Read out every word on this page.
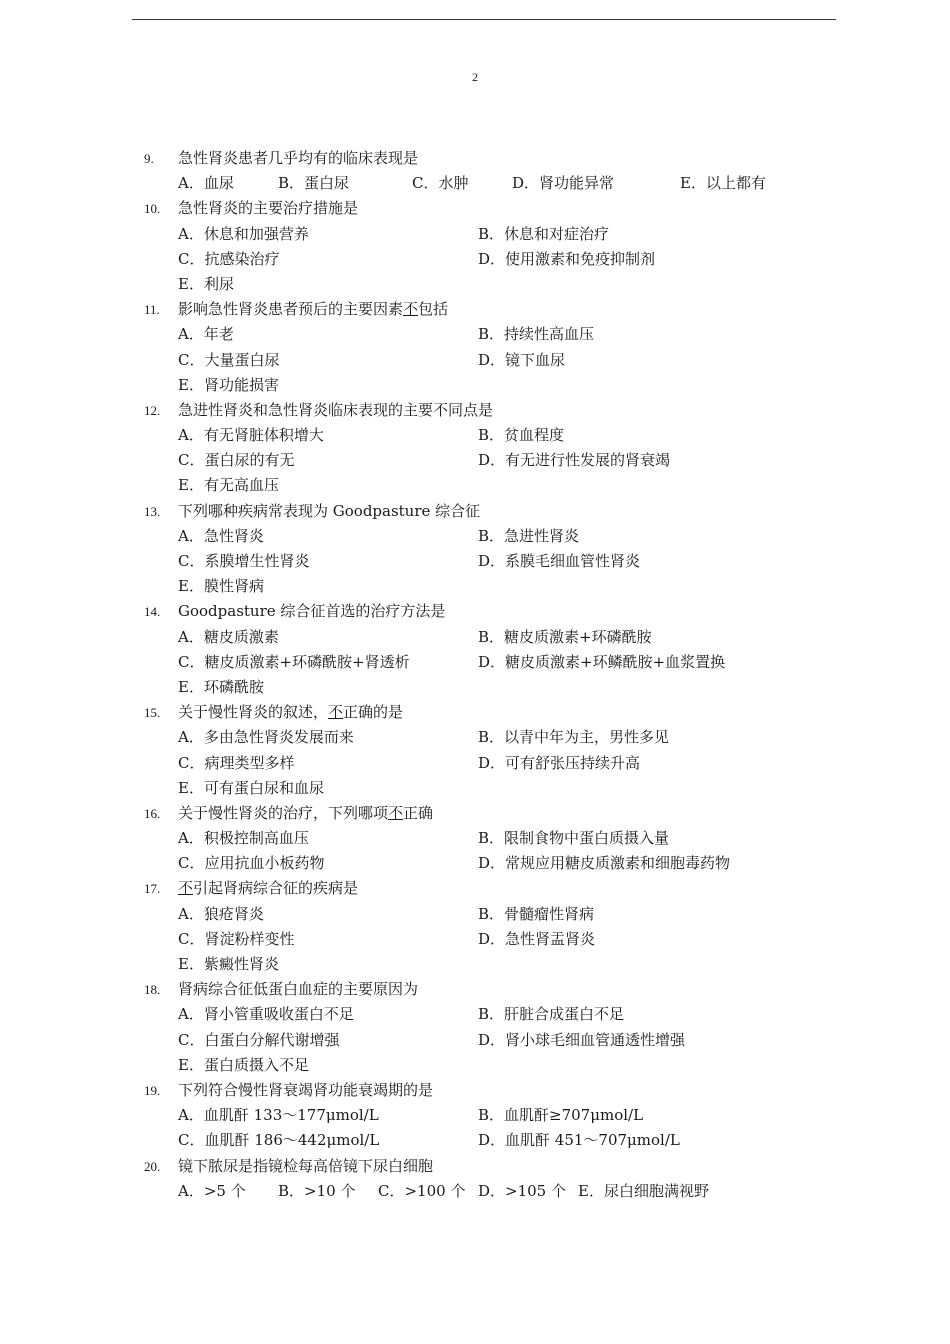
2
9. 急性肾炎患者几乎均有的临床表现是
A．血尿	B．蛋白尿	C．水肿	D．肾功能异常	E．以上都有
10. 急性肾炎的主要治疗措施是
A．休息和加强营养	B．休息和对症治疗
C．抗感染治疗	D．使用激素和免疫抑制剂
E．利尿
11. 影响急性肾炎患者预后的主要因素不包括
A．年老	B．持续性高血压
C．大量蛋白尿	D．镜下血尿
E．肾功能损害
12. 急进性肾炎和急性肾炎临床表现的主要不同点是
A．有无肾脏体积增大	B．贫血程度
C．蛋白尿的有无	D．有无进行性发展的肾衰竭
E．有无高血压
13. 下列哪种疾病常表现为 Goodpasture 综合征
A．急性肾炎	B．急进性肾炎
C．系膜增生性肾炎	D．系膜毛细血管性肾炎
E．膜性肾病
14. Goodpasture 综合征首选的治疗方法是
A．糖皮质激素	B．糖皮质激素+环磷酰胺
C．糖皮质激素+环磷酰胺+肾透析	D．糖皮质激素+环鳞酰胺+血浆置换
E．环磷酰胺
15. 关于慢性肾炎的叙述，不正确的是
A．多由急性肾炎发展而来	B．以青中年为主，男性多见
C．病理类型多样	D．可有舒张压持续升高
E．可有蛋白尿和血尿
16. 关于慢性肾炎的治疗，下列哪项不正确
A．积极控制高血压	B．限制食物中蛋白质摄入量
C．应用抗血小板药物	D．常规应用糖皮质激素和细胞毒药物
17. 不引起肾病综合征的疾病是
A．狼疮肾炎	B．骨髓瘤性肾病
C．肾淀粉样变性	D．急性肾盂肾炎
E．紫癜性肾炎
18. 肾病综合征低蛋白血症的主要原因为
A．肾小管重吸收蛋白不足	B．肝脏合成蛋白不足
C．白蛋白分解代谢增强	D．肾小球毛细血管通透性增强
E．蛋白质摄入不足
19. 下列符合慢性肾衰竭肾功能衰竭期的是
A．血肌酐 133～177μmol/L	B．血肌酐≥707μmol/L
C．血肌酐 186～442μmol/L	D．血肌酐 451～707μmol/L
20. 镜下脓尿是指镜检每高倍镜下尿白细胞
A．>5 个 B．>10 个 C．>100 个 D．>105 个 E．尿白细胞满视野
